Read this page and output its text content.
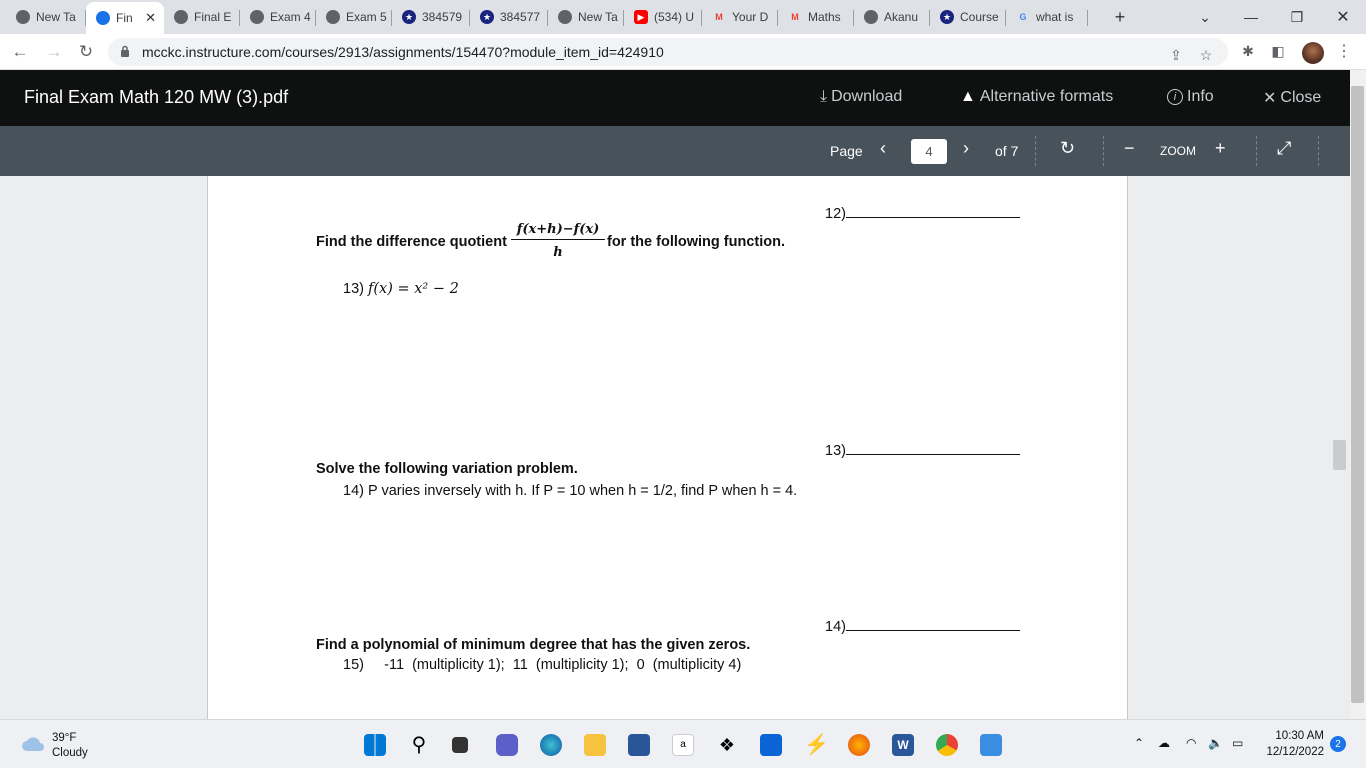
New Ta	Fin ✕	Final E	Exam 4	Exam 5	★ 384579	★ 384577	New Ta	▶ (534) U	M Your D	M Maths	Akanu	★ Course	G what is	⌄	—	❐	✕
+
← → ↻	mcckc.instructure.com/courses/2913/assignments/154470?module_item_id=424910	⇪ ☆ ✱ ◧	⋮
Final Exam Math 120 MW (3).pdf	⤓ Download	▲ Alternative formats	i Info	✕ Close
Page ‹	4	› of 7 ↻	− ZOOM +	⤢
12)
Find the difference quotient
f(x+h)−f(x)
h
for the following function.
13) f(x) = x² − 2
13)
Solve the following variation problem.
14) P varies inversely with h. If P = 10 when h = 1/2, find P when h = 4.
14)
Find a polynomial of minimum degree that has the given zeros.
15) -11  (multiplicity 1);  11  (multiplicity 1);  0  (multiplicity 4)
39°F
Cloudy	⚲	a	❖	⚡	W	⌃ ☁ ◠ 🔈 ▭	10:30 AM
12/12/2022
2
